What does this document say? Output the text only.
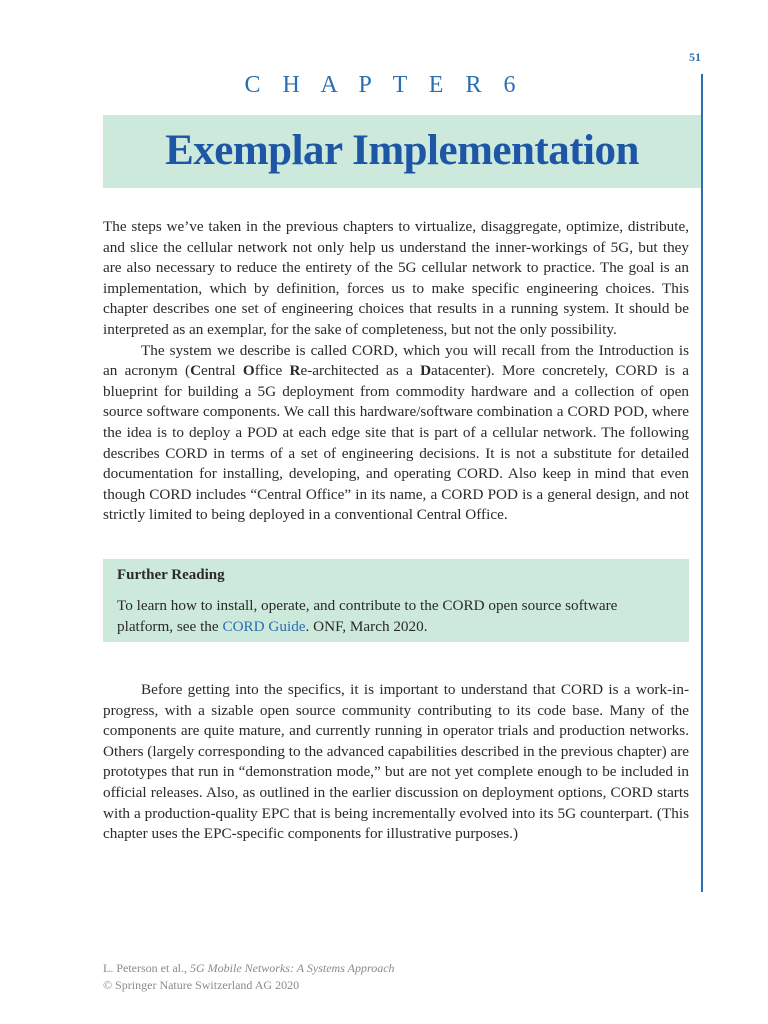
51
C H A P T E R 6
Exemplar Implementation

The steps we’ve taken in the previous chapters to virtualize, disaggregate, optimize, distribute, and slice the cellular network not only help us understand the inner-workings of 5G, but they are also necessary to reduce the entirety of the 5G cellular network to practice. The goal is an implementation, which by definition, forces us to make specific engineering choices. This chapter describes one set of engineering choices that results in a running system. It should be interpreted as an exemplar, for the sake of completeness, but not the only possibility.

The system we describe is called CORD, which you will recall from the Introduction is an acronym (Central Office Re-architected as a Datacenter). More concretely, CORD is a blueprint for building a 5G deployment from commodity hardware and a collection of open source software components. We call this hardware/software combination a CORD POD, where the idea is to deploy a POD at each edge site that is part of a cellular network. The following describes CORD in terms of a set of engineering decisions. It is not a substitute for detailed documentation for installing, developing, and operating CORD. Also keep in mind that even though CORD includes “Central Office” in its name, a CORD POD is a general design, and not strictly limited to being deployed in a conventional Central Office.

Further Reading
To learn how to install, operate, and contribute to the CORD open source software platform, see the CORD Guide. ONF, March 2020.

Before getting into the specifics, it is important to understand that CORD is a work-in-progress, with a sizable open source community contributing to its code base. Many of the components are quite mature, and currently running in operator trials and production networks. Others (largely corresponding to the advanced capabilities described in the previous chapter) are prototypes that run in “demonstration mode,” but are not yet complete enough to be included in official releases. Also, as outlined in the earlier discussion on deployment options, CORD starts with a production-quality EPC that is being incrementally evolved into its 5G counterpart. (This chapter uses the EPC-specific components for illustrative purposes.)

L. Peterson et al., 5G Mobile Networks: A Systems Approach
© Springer Nature Switzerland AG 2020
